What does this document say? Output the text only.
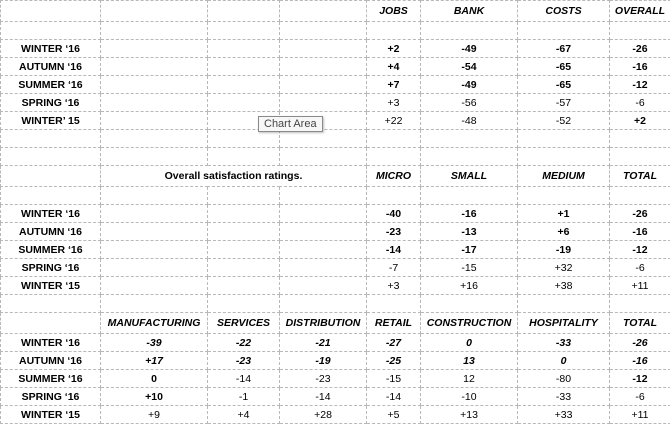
				JOBS	BANK	COSTS	OVERALL

WINTER ‘16				+2	-49	-67	-26
AUTUMN ‘16				+4	-54	-65	-16
SUMMER ‘16				+7	-49	-65	-12
SPRING ‘16				+3	-56	-57	-6
WINTER’ 15				+22	-48	-52	+2

	Overall satisfaction ratings.			MICRO	SMALL	MEDIUM	TOTAL

WINTER ‘16				-40	-16	+1	-26
AUTUMN ‘16				-23	-13	+6	-16
SUMMER ‘16				-14	-17	-19	-12
SPRING ‘16				-7	-15	+32	-6
WINTER ‘15				+3	+16	+38	+11

	MANUFACTURING	SERVICES	DISTRIBUTION	RETAIL	CONSTRUCTION	HOSPITALITY	TOTAL
WINTER ‘16	-39	-22	-21	-27	0	-33	-26
AUTUMN ‘16	+17	-23	-19	-25	13	0	-16
SUMMER ‘16	0	-14	-23	-15	12	-80	-12
SPRING ‘16	+10	-1	-14	-14	-10	-33	-6
WINTER ‘15	+9	+4	+28	+5	+13	+33	+11
Chart Area
